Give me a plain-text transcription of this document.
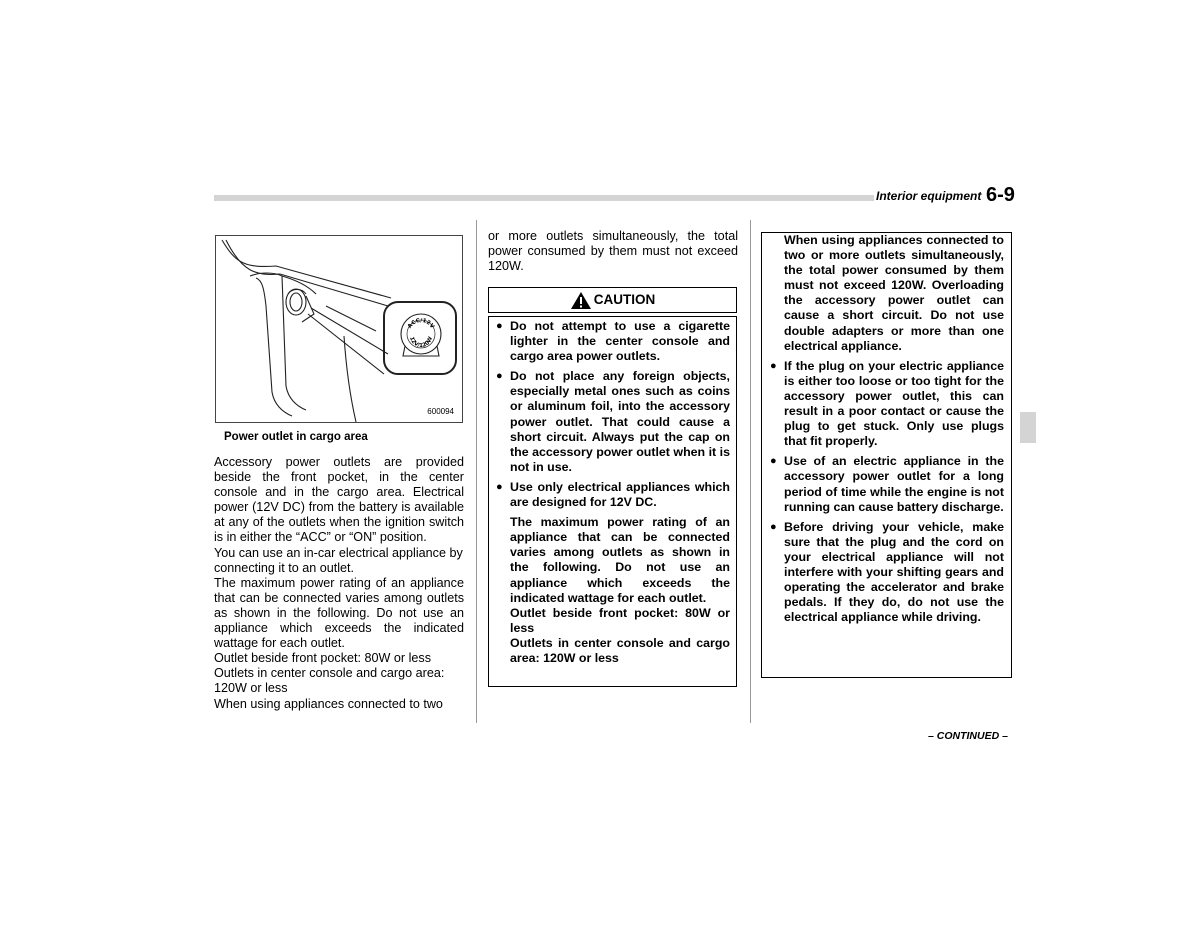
Interior equipment 6-9
ACC/12V
12V/120W
600094
Power outlet in cargo area

Accessory power outlets are provided beside the front pocket, in the center console and in the cargo area. Electrical power (12V DC) from the battery is available at any of the outlets when the ignition switch is in either the “ACC” or “ON” position.

You can use an in-car electrical appliance by connecting it to an outlet.

The maximum power rating of an appliance that can be connected varies among outlets as shown in the following. Do not use an appliance which exceeds the indicated wattage for each outlet.

Outlet beside front pocket: 80W or less

Outlets in center console and cargo area: 120W or less

When using appliances connected to two

or more outlets simultaneously, the total power consumed by them must not exceed 120W.

CAUTION

● Do not attempt to use a cigarette lighter in the center console and cargo area power outlets.

● Do not place any foreign objects, especially metal ones such as coins or aluminum foil, into the accessory power outlet. That could cause a short circuit. Always put the cap on the accessory power outlet when it is not in use.

● Use only electrical appliances which are designed for 12V DC.

The maximum power rating of an appliance that can be connected varies among outlets as shown in the following. Do not use an appliance which exceeds the indicated wattage for each outlet.

Outlet beside front pocket: 80W or less

Outlets in center console and cargo area: 120W or less

When using appliances connected to two or more outlets simultaneously, the total power consumed by them must not exceed 120W. Overloading the accessory power outlet can cause a short circuit. Do not use double adapters or more than one electrical appliance.

● If the plug on your electric appliance is either too loose or too tight for the accessory power outlet, this can result in a poor contact or cause the plug to get stuck. Only use plugs that fit properly.

● Use of an electric appliance in the accessory power outlet for a long period of time while the engine is not running can cause battery discharge.

● Before driving your vehicle, make sure that the plug and the cord on your electrical appliance will not interfere with your shifting gears and operating the accelerator and brake pedals. If they do, do not use the electrical appliance while driving.

– CONTINUED –
